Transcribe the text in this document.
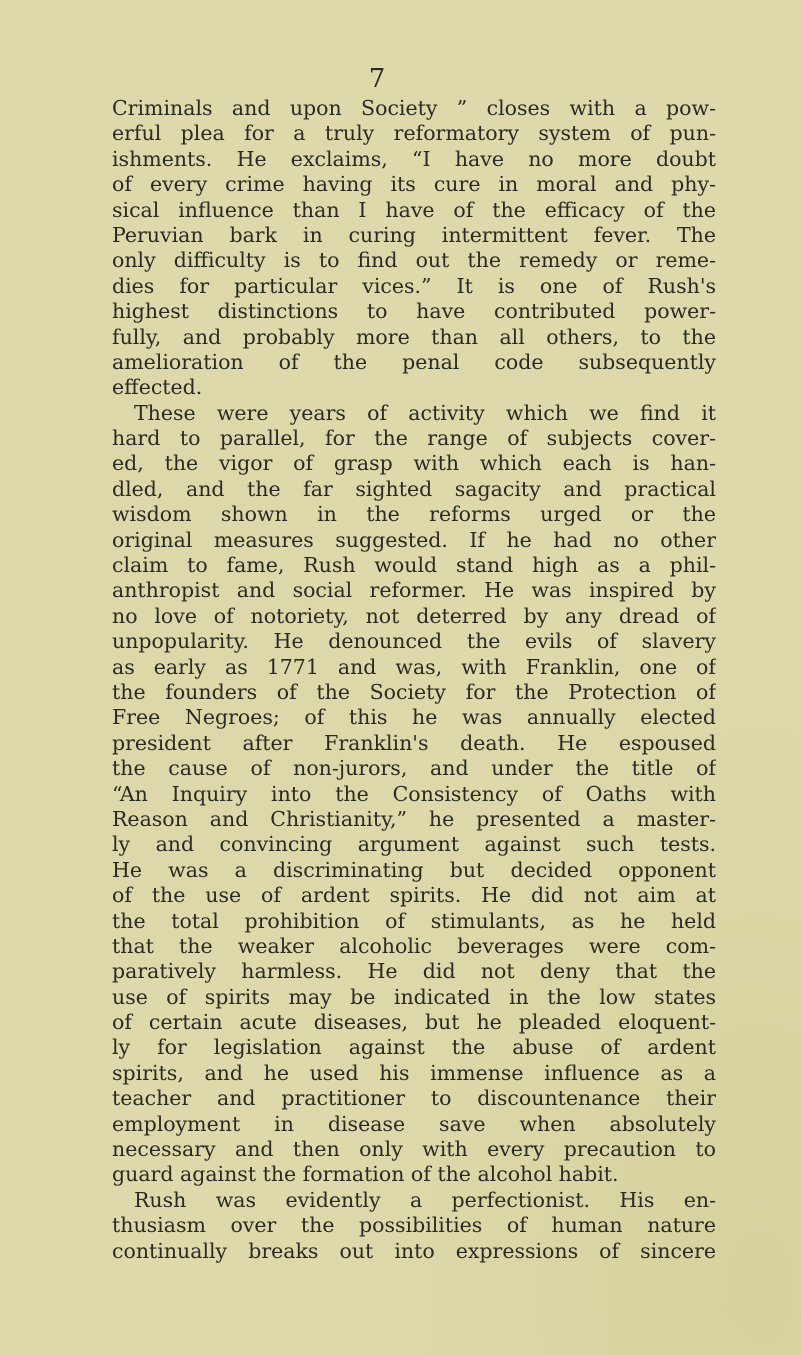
7
Criminals and upon Society ” closes with a pow-
erful plea for a truly reformatory system of pun-
ishments. He exclaims, “I have no more doubt
of every crime having its cure in moral and phy-
sical influence than I have of the efficacy of the
Peruvian bark in curing intermittent fever. The
only difficulty is to find out the remedy or reme-
dies for particular vices.” It is one of Rush's
highest distinctions to have contributed power-
fully, and probably more than all others, to the
amelioration of the penal code subsequently
effected.
These were years of activity which we find it
hard to parallel, for the range of subjects cover-
ed, the vigor of grasp with which each is han-
dled, and the far sighted sagacity and practical
wisdom shown in the reforms urged or the
original measures suggested. If he had no other
claim to fame, Rush would stand high as a phil-
anthropist and social reformer. He was inspired by
no love of notoriety, not deterred by any dread of
unpopularity. He denounced the evils of slavery
as early as 1771 and was, with Franklin, one of
the founders of the Society for the Protection of
Free Negroes; of this he was annually elected
president after Franklin's death. He espoused
the cause of non-jurors, and under the title of
“An Inquiry into the Consistency of Oaths with
Reason and Christianity,” he presented a master-
ly and convincing argument against such tests.
He was a discriminating but decided opponent
of the use of ardent spirits. He did not aim at
the total prohibition of stimulants, as he held
that the weaker alcoholic beverages were com-
paratively harmless. He did not deny that the
use of spirits may be indicated in the low states
of certain acute diseases, but he pleaded eloquent-
ly for legislation against the abuse of ardent
spirits, and he used his immense influence as a
teacher and practitioner to discountenance their
employment in disease save when absolutely
necessary and then only with every precaution to
guard against the formation of the alcohol habit.
Rush was evidently a perfectionist. His en-
thusiasm over the possibilities of human nature
continually breaks out into expressions of sincere
